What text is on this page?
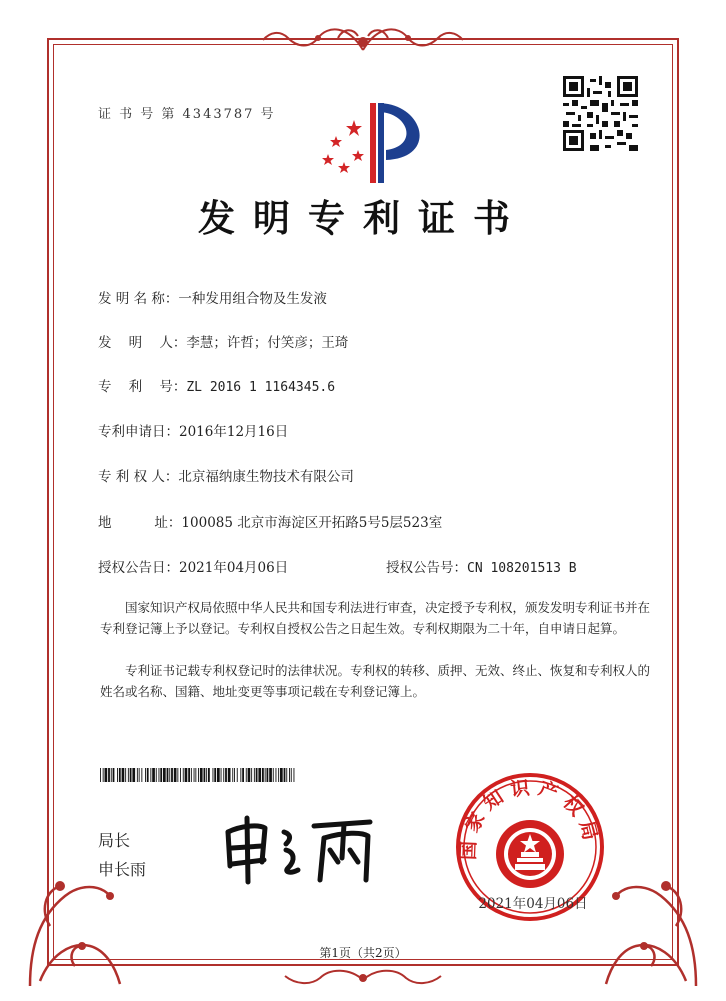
证 书 号 第 4343787 号
发明专利证书
发 明 名 称：一种发用组合物及生发液
发    明    人：李慧；许哲；付笑彦；王琦
专    利    号：ZL 2016 1 1164345.6
专利申请日：2016年12月16日
专 利 权 人：北京福纳康生物技术有限公司
地          址：100085 北京市海淀区开拓路5号5层523室
授权公告日：2021年04月06日	授权公告号：CN 108201513 B
国家知识产权局依照中华人民共和国专利法进行审查，决定授予专利权，颁发发明专利证书并在专利登记簿上予以登记。专利权自授权公告之日起生效。专利权期限为二十年，自申请日起算。
专利证书记载专利权登记时的法律状况。专利权的转移、质押、无效、终止、恢复和专利权人的姓名或名称、国籍、地址变更等事项记载在专利登记簿上。
局长
申长雨
国家知识产权局
2021年04月06日
第1页（共2页）
